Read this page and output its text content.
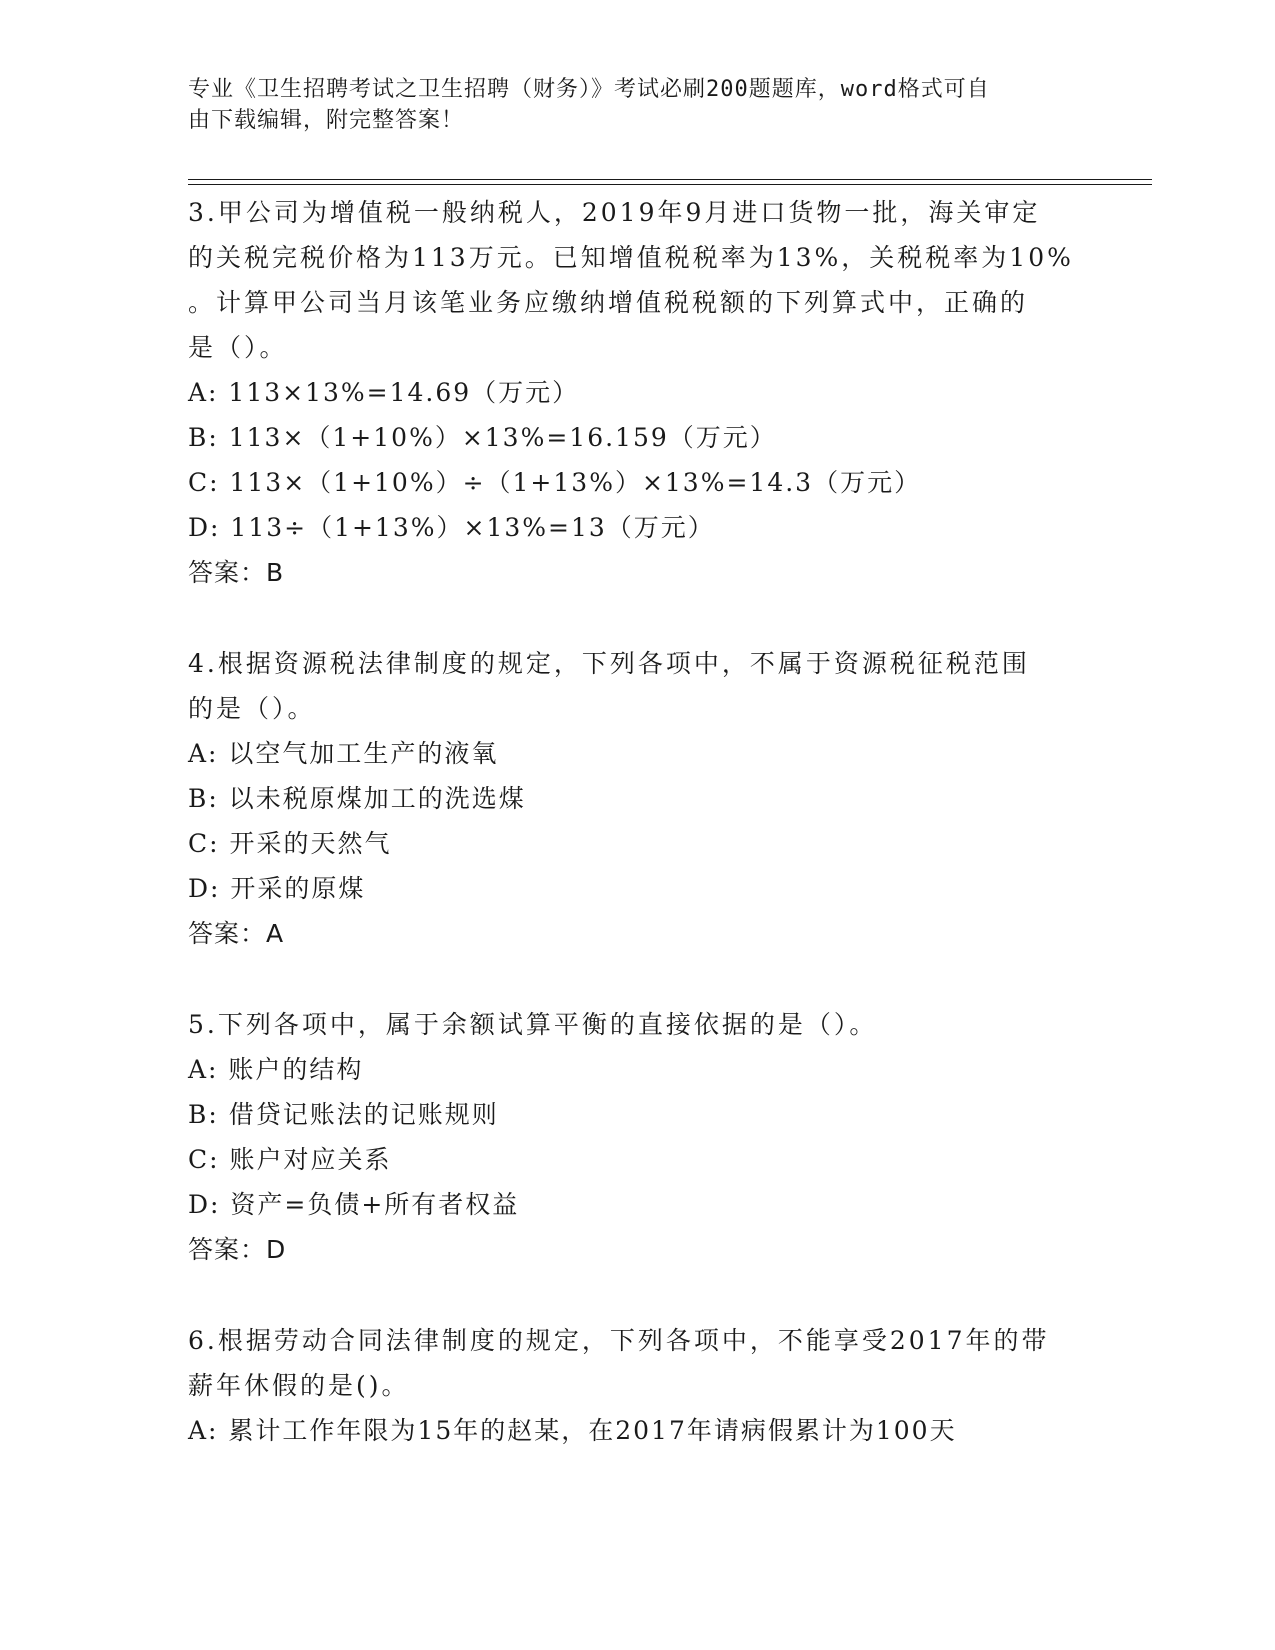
专业《卫生招聘考试之卫生招聘（财务）》考试必刷200题题库，word格式可自
由下载编辑，附完整答案！
3.甲公司为增值税一般纳税人，2019年9月进口货物一批，海关审定
的关税完税价格为113万元。已知增值税税率为13%，关税税率为10%
。计算甲公司当月该笔业务应缴纳增值税税额的下列算式中，正确的
是（）。
A: 113×13%=14.69（万元）
B: 113×（1+10%）×13%=16.159（万元）
C: 113×（1+10%）÷（1+13%）×13%=14.3（万元）
D: 113÷（1+13%）×13%=13（万元）
答案：B
4.根据资源税法律制度的规定，下列各项中，不属于资源税征税范围
的是（）。
A: 以空气加工生产的液氧
B: 以未税原煤加工的洗选煤
C: 开采的天然气
D: 开采的原煤
答案：A
5.下列各项中，属于余额试算平衡的直接依据的是（）。
A: 账户的结构
B: 借贷记账法的记账规则
C: 账户对应关系
D: 资产=负债+所有者权益
答案：D
6.根据劳动合同法律制度的规定，下列各项中，不能享受2017年的带
薪年休假的是()。
A: 累计工作年限为15年的赵某，在2017年请病假累计为100天
